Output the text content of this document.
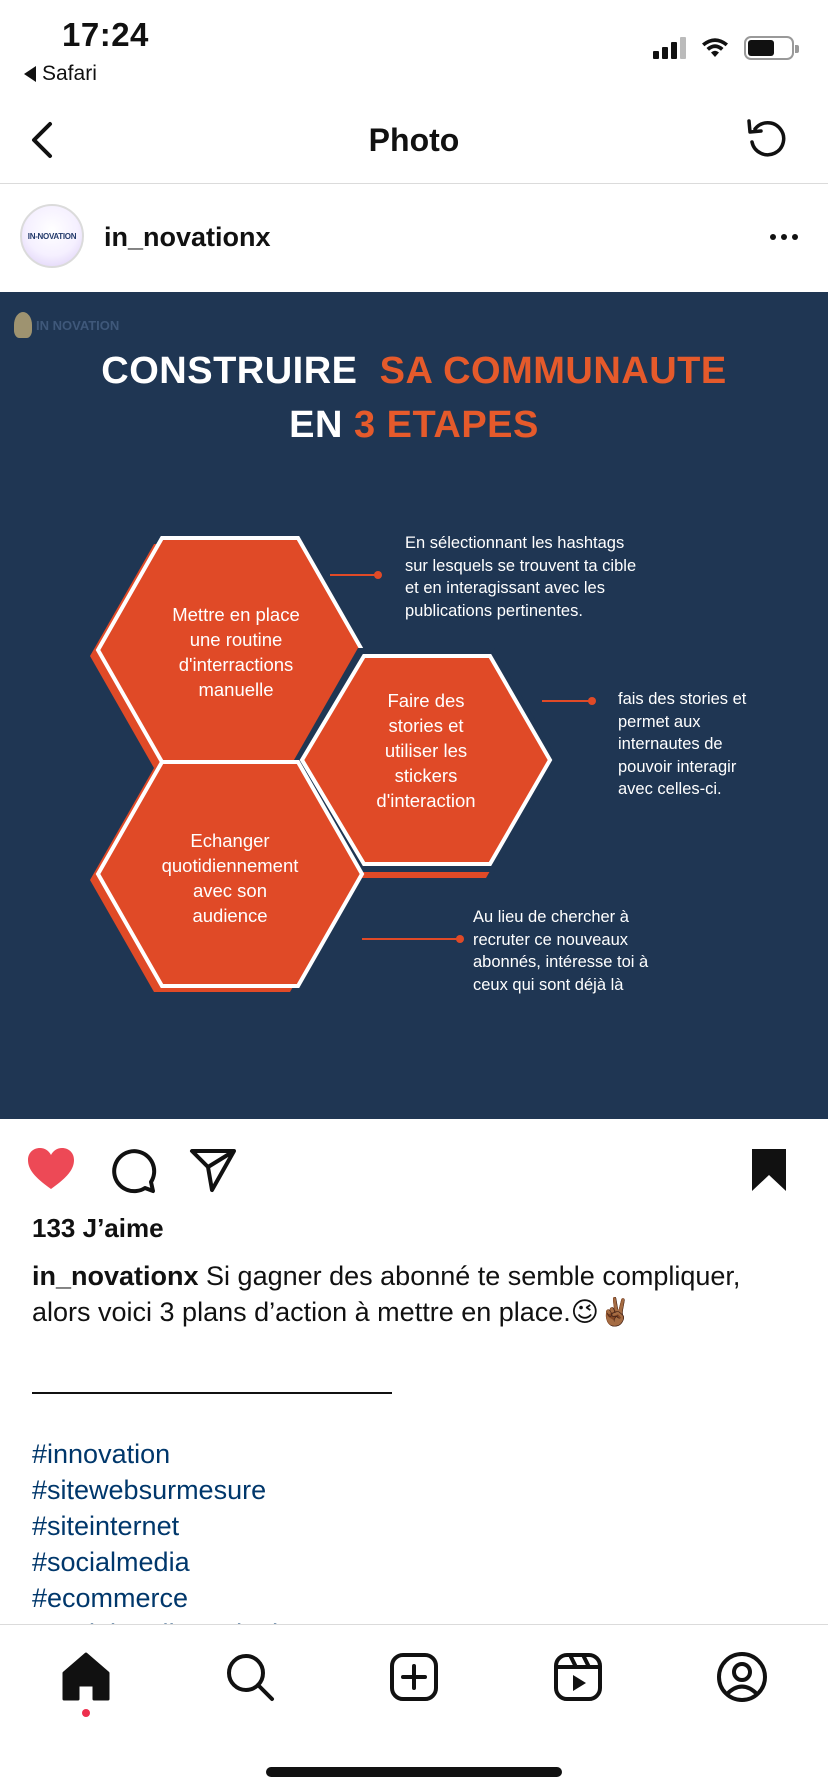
17:24
Safari
Photo
IN-NOVATION in_novationx
IN NOVATION
CONSTRUIRE SA COMMUNAUTE
EN 3 ETAPES
Mettre en place
une routine
d'interractions
manuelle
Faire des
stories et
utiliser les
stickers
d'interaction
Echanger
quotidiennement
avec son
audience
En sélectionnant les hashtags
sur lesquels se trouvent ta cible
et en interagissant avec les
publications pertinentes.
fais des stories et
permet aux
internautes de
pouvoir interagir
avec celles-ci.
Au lieu de chercher à
recruter ce nouveaux
abonnés, intéresse toi à
ceux qui sont déjà là
133 J’aime
in_novationx Si gagner des abonné te semble compliquer, alors voici 3 plans d’action à mettre en place.😉✌🏾
#innovation
#sitewebsurmesure
#siteinternet
#socialmedia
#ecommerce
